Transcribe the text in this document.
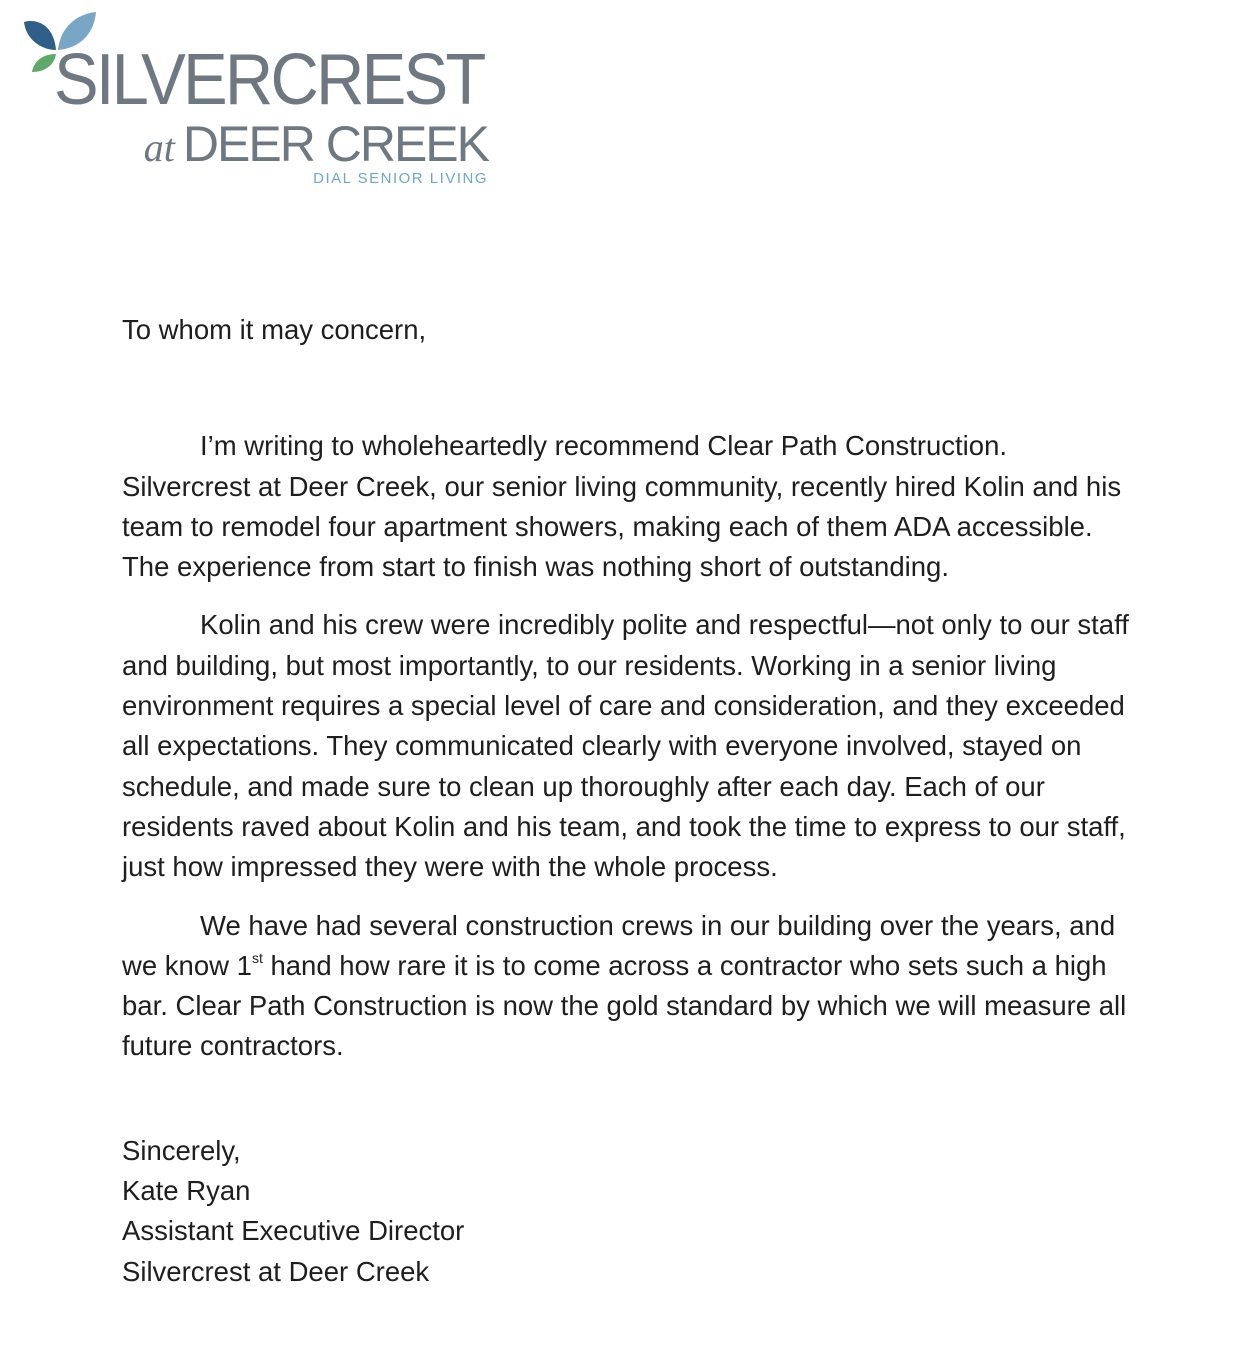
SILVERCREST
at DEER CREEK
DIAL SENIOR LIVING

To whom it may concern,

I’m writing to wholeheartedly recommend Clear Path Construction. Silvercrest at Deer Creek, our senior living community, recently hired Kolin and his team to remodel four apartment showers, making each of them ADA accessible. The experience from start to finish was nothing short of outstanding.

Kolin and his crew were incredibly polite and respectful—not only to our staff and building, but most importantly, to our residents. Working in a senior living environment requires a special level of care and consideration, and they exceeded all expectations. They communicated clearly with everyone involved, stayed on schedule, and made sure to clean up thoroughly after each day. Each of our residents raved about Kolin and his team, and took the time to express to our staff, just how impressed they were with the whole process.

We have had several construction crews in our building over the years, and we know 1st hand how rare it is to come across a contractor who sets such a high bar. Clear Path Construction is now the gold standard by which we will measure all future contractors.

Sincerely,
Kate Ryan
Assistant Executive Director
Silvercrest at Deer Creek
